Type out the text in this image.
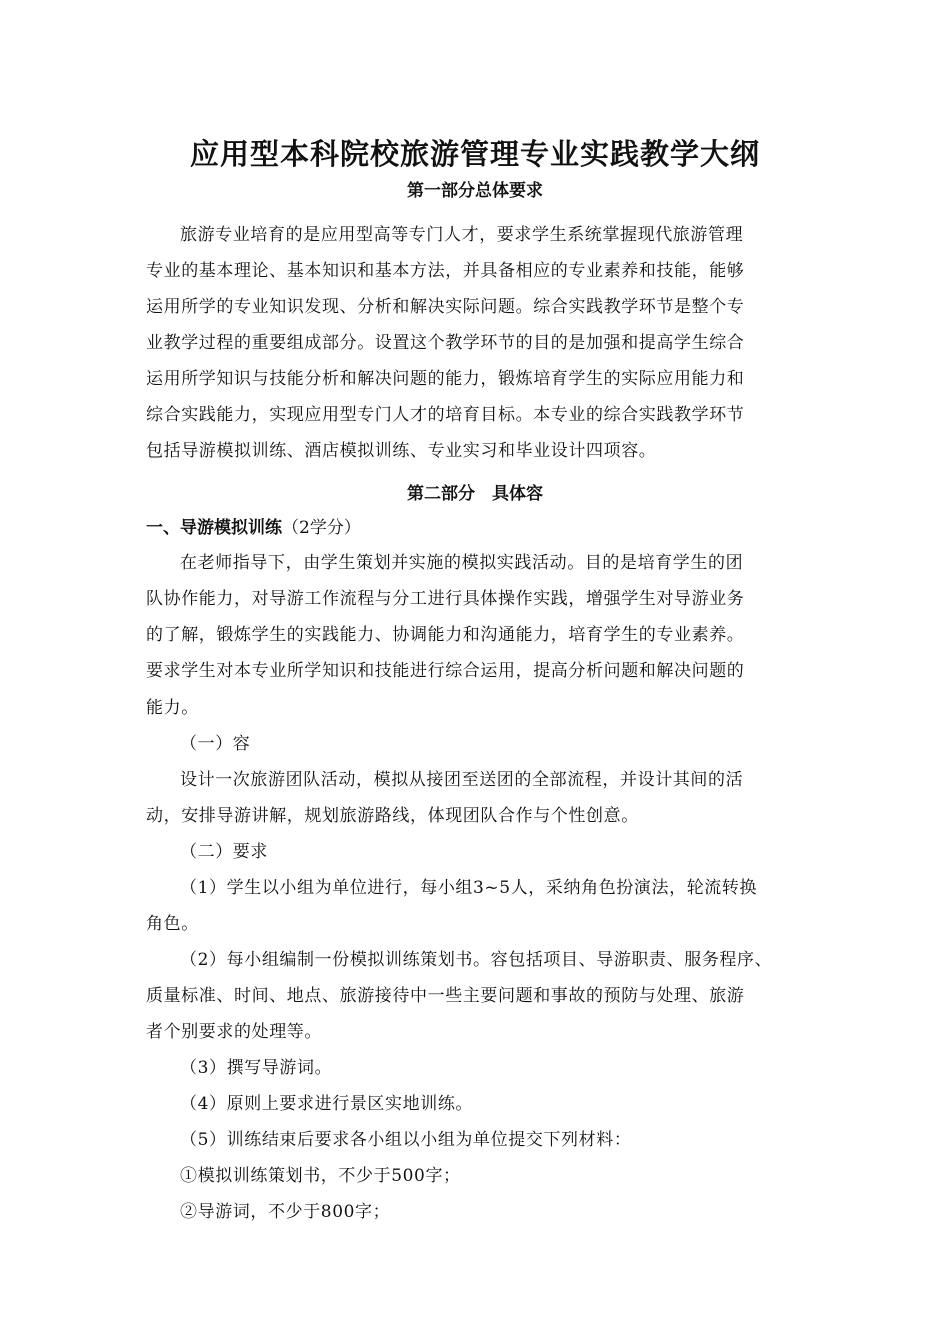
应用型本科院校旅游管理专业实践教学大纲
第一部分总体要求
旅游专业培育的是应用型高等专门人才，要求学生系统掌握现代旅游管理
专业的基本理论、基本知识和基本方法，并具备相应的专业素养和技能，能够
运用所学的专业知识发现、分析和解决实际问题。综合实践教学环节是整个专
业教学过程的重要组成部分。设置这个教学环节的目的是加强和提高学生综合
运用所学知识与技能分析和解决问题的能力，锻炼培育学生的实际应用能力和
综合实践能力，实现应用型专门人才的培育目标。本专业的综合实践教学环节
包括导游模拟训练、酒店模拟训练、专业实习和毕业设计四项容。
第二部分　具体容
一、导游模拟训练（2学分）
在老师指导下，由学生策划并实施的模拟实践活动。目的是培育学生的团
队协作能力，对导游工作流程与分工进行具体操作实践，增强学生对导游业务
的了解，锻炼学生的实践能力、协调能力和沟通能力，培育学生的专业素养。
要求学生对本专业所学知识和技能进行综合运用，提高分析问题和解决问题的
能力。
（一）容
设计一次旅游团队活动，模拟从接团至送团的全部流程，并设计其间的活
动，安排导游讲解，规划旅游路线，体现团队合作与个性创意。
（二）要求
（1）学生以小组为单位进行，每小组3~5人，采纳角色扮演法，轮流转换
角色。
（2）每小组编制一份模拟训练策划书。容包括项目、导游职责、服务程序、
质量标准、时间、地点、旅游接待中一些主要问题和事故的预防与处理、旅游
者个别要求的处理等。
（3）撰写导游词。
（4）原则上要求进行景区实地训练。
（5）训练结束后要求各小组以小组为单位提交下列材料：
①模拟训练策划书，不少于500字；
②导游词，不少于800字；
